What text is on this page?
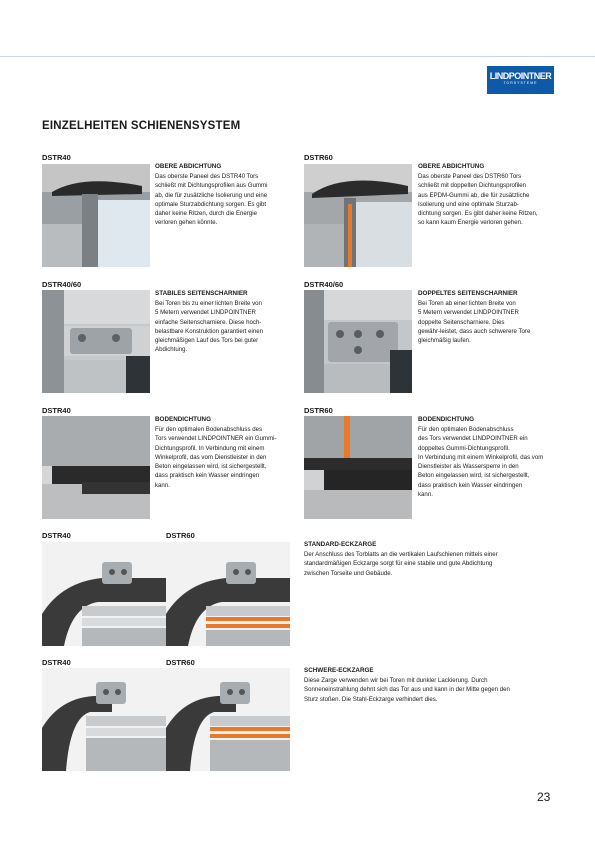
LINDPOINTNER
TORSYSTEME
EINZELHEITEN SCHIENENSYSTEM
DSTR40
OBERE ABDICHTUNG
Das oberste Paneel des DSTR40 Tors
schließt mit Dichtungsprofilen aus Gummi
ab, die für zusätzliche Isolierung und eine
optimale Sturzabdichtung sorgen. Es gibt
daher keine Ritzen, durch die Energie
verloren gehen könnte.
DSTR60
OBERE ABDICHTUNG
Das oberste Paneel des DSTR60 Tors
schließt mit doppelten Dichtungsprofilen
aus EPDM-Gummi ab, die für zusätzliche
Isolierung und eine optimale Sturzab-
dichtung sorgen. Es gibt daher keine Ritzen,
so kann kaum Energie verloren gehen.
DSTR40/60
STABILES SEITENSCHARNIER
Bei Toren bis zu einer lichten Breite von
5 Metern verwendet LINDPOINTNER
einfache Seitenscharniere. Diese hoch-
belastbare Konstruktion garantiert einen
gleichmäßigen Lauf des Tors bei guter
Abdichtung.
DSTR40/60
DOPPELTES SEITENSCHARNIER
Bei Toren ab einer lichten Breite von
5 Metern verwendet LINDPOINTNER
doppelte Seitenscharniere. Dies
gewähr-leistet, dass auch schwerere Tore
gleichmäßig laufen.
DSTR40
BODENDICHTUNG
Für den optimalen Bodenabschluss des
Tors verwendet LINDPOINTNER ein Gummi-
Dichtungsprofil. In Verbindung mit einem
Winkelprofil, das vom Dienstleister in den
Beton eingelassen wird, ist sichergestellt,
dass praktisch kein Wasser eindringen
kann.
DSTR60
BODENDICHTUNG
Für den optimalen Bodenabschluss
des Tors verwendet LINDPOINTNER ein
doppeltes Gummi-Dichtungsprofil.
In Verbindung mit einem Winkelprofil, das vom
Dienstleister als Wassersperre in den
Beton eingelassen wird, ist sichergestellt,
dass praktisch kein Wasser eindringen
kann.
DSTR40	DSTR60
STANDARD-ECKZARGE
Der Anschluss des Torblatts an die vertikalen Laufschienen mittels einer
standardmäßigen Eckzarge sorgt für eine stabile und gute Abdichtung
zwischen Torseite und Gebäude.
DSTR40	DSTR60
SCHWERE-ECKZARGE
Diese Zarge verwenden wir bei Toren mit dunkler Lackierung. Durch
Sonneneinstrahlung dehnt sich das Tor aus und kann in der Mitte gegen den
Sturz stoßen. Die Stahl-Eckzarge verhindert dies.
23
